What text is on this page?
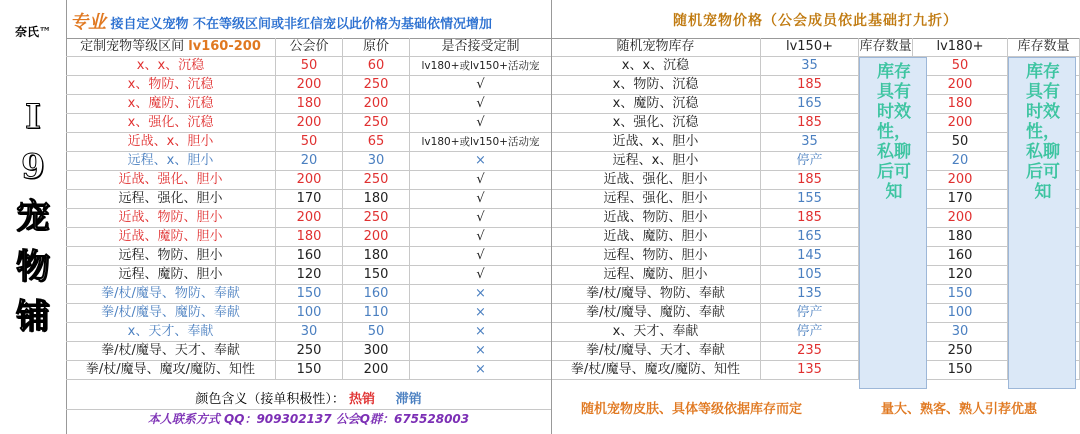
奈氏™
Ⅰ
9
宠
物
铺
专业 接自定义宠物 不在等级区间或非红信宠以此价格为基础依情况增加	随机宠物价格（公会成员依此基础打九折）
定制宠物等级区间 lv160-200	公会价	原价	是否接受定制	随机宠物库存	lv150+	库存数量	lv180+	库存数量
x、x、沉稳	50	60	lv180+或lv150+活动宠
x、物防、沉稳	200	250	√
x、魔防、沉稳	180	200	√
x、强化、沉稳	200	250	√
近战、x、胆小	50	65	lv180+或lv150+活动宠
远程、x、胆小	20	30	×
近战、强化、胆小	200	250	√
远程、强化、胆小	170	180	√
近战、物防、胆小	200	250	√
近战、魔防、胆小	180	200	√
远程、物防、胆小	160	180	√
远程、魔防、胆小	120	150	√
拳/杖/魔导、物防、奉献	150	160	×
拳/杖/魔导、魔防、奉献	100	110	×
x、天才、奉献	30	50	×
拳/杖/魔导、天才、奉献	250	300	×
拳/杖/魔导、魔攻/魔防、知性	150	200	×
x、x、沉稳	35	50
x、物防、沉稳	185	200
x、魔防、沉稳	165	180
x、强化、沉稳	185	200
近战、x、胆小	35	50
远程、x、胆小	停产	20
近战、强化、胆小	185	200
远程、强化、胆小	155	170
近战、物防、胆小	185	200
近战、魔防、胆小	165	180
远程、物防、胆小	145	160
远程、魔防、胆小	105	120
拳/杖/魔导、物防、奉献	135	150
拳/杖/魔导、魔防、奉献	停产	100
x、天才、奉献	停产	30
拳/杖/魔导、天才、奉献	235	250
拳/杖/魔导、魔攻/魔防、知性	135	150
库存具有时效性，私聊后可知
库存具有时效性，私聊后可知
颜色含义（接单积极性）： 热销 滞销
本人联系方式 QQ：909302137 公会Q群：675528003
随机宠物皮肤、具体等级依据库存而定	量大、熟客、熟人引荐优惠
